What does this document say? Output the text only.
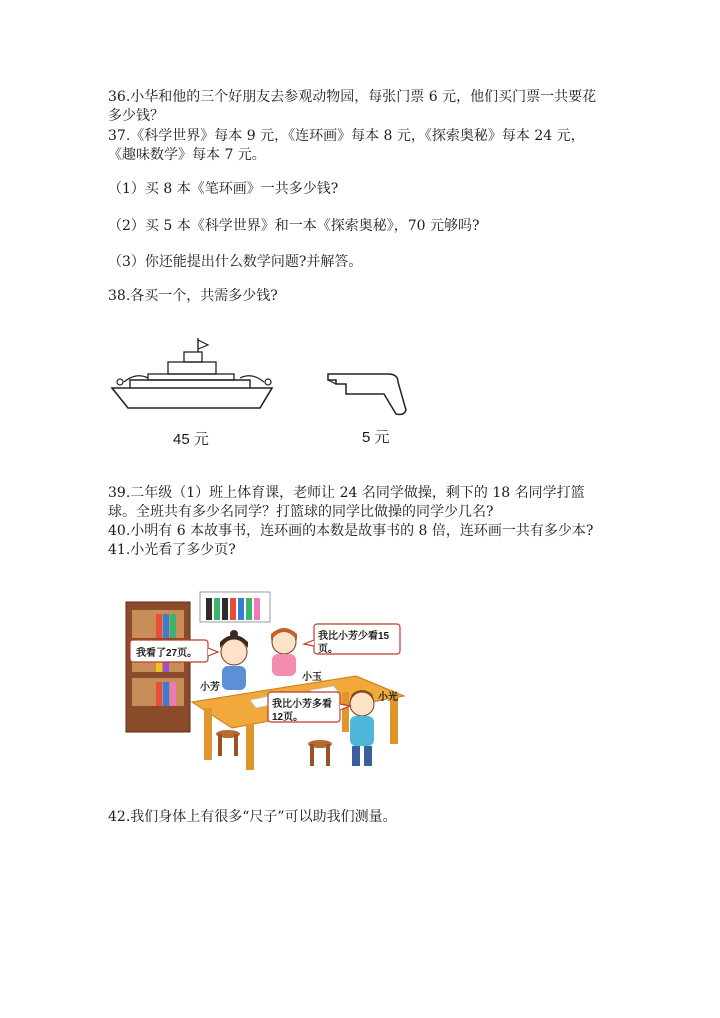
36.小华和他的三个好朋友去参观动物园，每张门票 6 元，他们买门票一共要花
多少钱？
37.《科学世界》每本 9 元，《连环画》每本 8 元，《探索奥秘》每本 24 元，
《趣味数学》每本 7 元。
（1）买 8 本《笔环画》一共多少钱?
（2）买 5 本《科学世界》和一本《探索奥秘》，70 元够吗?
（3）你还能提出什么数学问题?并解答。
38.各买一个，共需多少钱?
45 元	5 元
39.二年级（1）班上体育课，老师让 24 名同学做操，剩下的 18 名同学打篮
球。全班共有多少名同学？打篮球的同学比做操的同学少几名?
40.小明有 6 本故事书，连环画的本数是故事书的 8 倍，连环画一共有多少本?
41.小光看了多少页?
我看了27页。
我比小芳少看15
页。
我比小芳多看
12页。
小芳
小玉
小光
42.我们身体上有很多“尺子”可以助我们测量。
